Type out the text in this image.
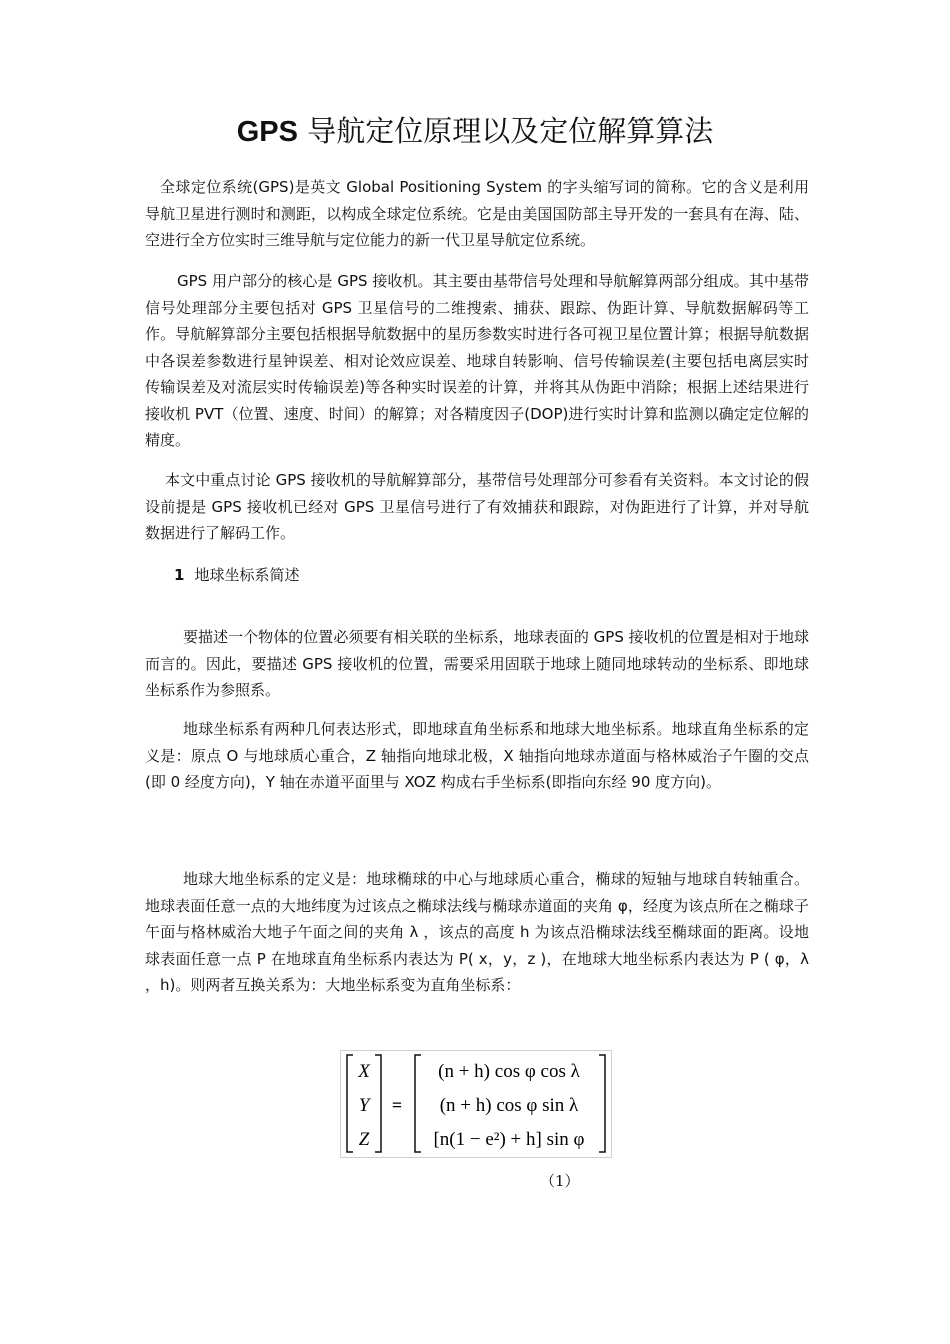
GPS 导航定位原理以及定位解算算法

全球定位系统(GPS)是英文 Global Positioning System 的字头缩写词的简称。它的含义是利用导航卫星进行测时和测距，以构成全球定位系统。它是由美国国防部主导开发的一套具有在海、陆、空进行全方位实时三维导航与定位能力的新一代卫星导航定位系统。

GPS 用户部分的核心是 GPS 接收机。其主要由基带信号处理和导航解算两部分组成。其中基带信号处理部分主要包括对 GPS 卫星信号的二维搜索、捕获、跟踪、伪距计算、导航数据解码等工作。导航解算部分主要包括根据导航数据中的星历参数实时进行各可视卫星位置计算；根据导航数据中各误差参数进行星钟误差、相对论效应误差、地球自转影响、信号传输误差(主要包括电离层实时传输误差及对流层实时传输误差)等各种实时误差的计算，并将其从伪距中消除；根据上述结果进行接收机 PVT（位置、速度、时间）的解算；对各精度因子(DOP)进行实时计算和监测以确定定位解的精度。

本文中重点讨论 GPS 接收机的导航解算部分，基带信号处理部分可参看有关资料。本文讨论的假设前提是 GPS 接收机已经对 GPS 卫星信号进行了有效捕获和跟踪，对伪距进行了计算，并对导航数据进行了解码工作。

1 地球坐标系简述

要描述一个物体的位置必须要有相关联的坐标系，地球表面的 GPS 接收机的位置是相对于地球而言的。因此，要描述 GPS 接收机的位置，需要采用固联于地球上随同地球转动的坐标系、即地球坐标系作为参照系。

地球坐标系有两种几何表达形式，即地球直角坐标系和地球大地坐标系。地球直角坐标系的定义是：原点 O 与地球质心重合，Z 轴指向地球北极，X 轴指向地球赤道面与格林威治子午圈的交点(即 0 经度方向)，Y 轴在赤道平面里与 XOZ 构成右手坐标系(即指向东经 90 度方向)。

地球大地坐标系的定义是：地球椭球的中心与地球质心重合，椭球的短轴与地球自转轴重合。地球表面任意一点的大地纬度为过该点之椭球法线与椭球赤道面的夹角 φ，经度为该点所在之椭球子午面与格林威治大地子午面之间的夹角 λ ，该点的高度 h 为该点沿椭球法线至椭球面的距离。设地球表面任意一点 P 在地球直角坐标系内表达为 P( x，y，z )，在地球大地坐标系内表达为 P ( φ，λ ，h)。则两者互换关系为：大地坐标系变为直角坐标系：

X
Y
Z
=
(n + h) cos φ cos λ
(n + h) cos φ sin λ
[n(1 − e²) + h] sin φ
（1）
